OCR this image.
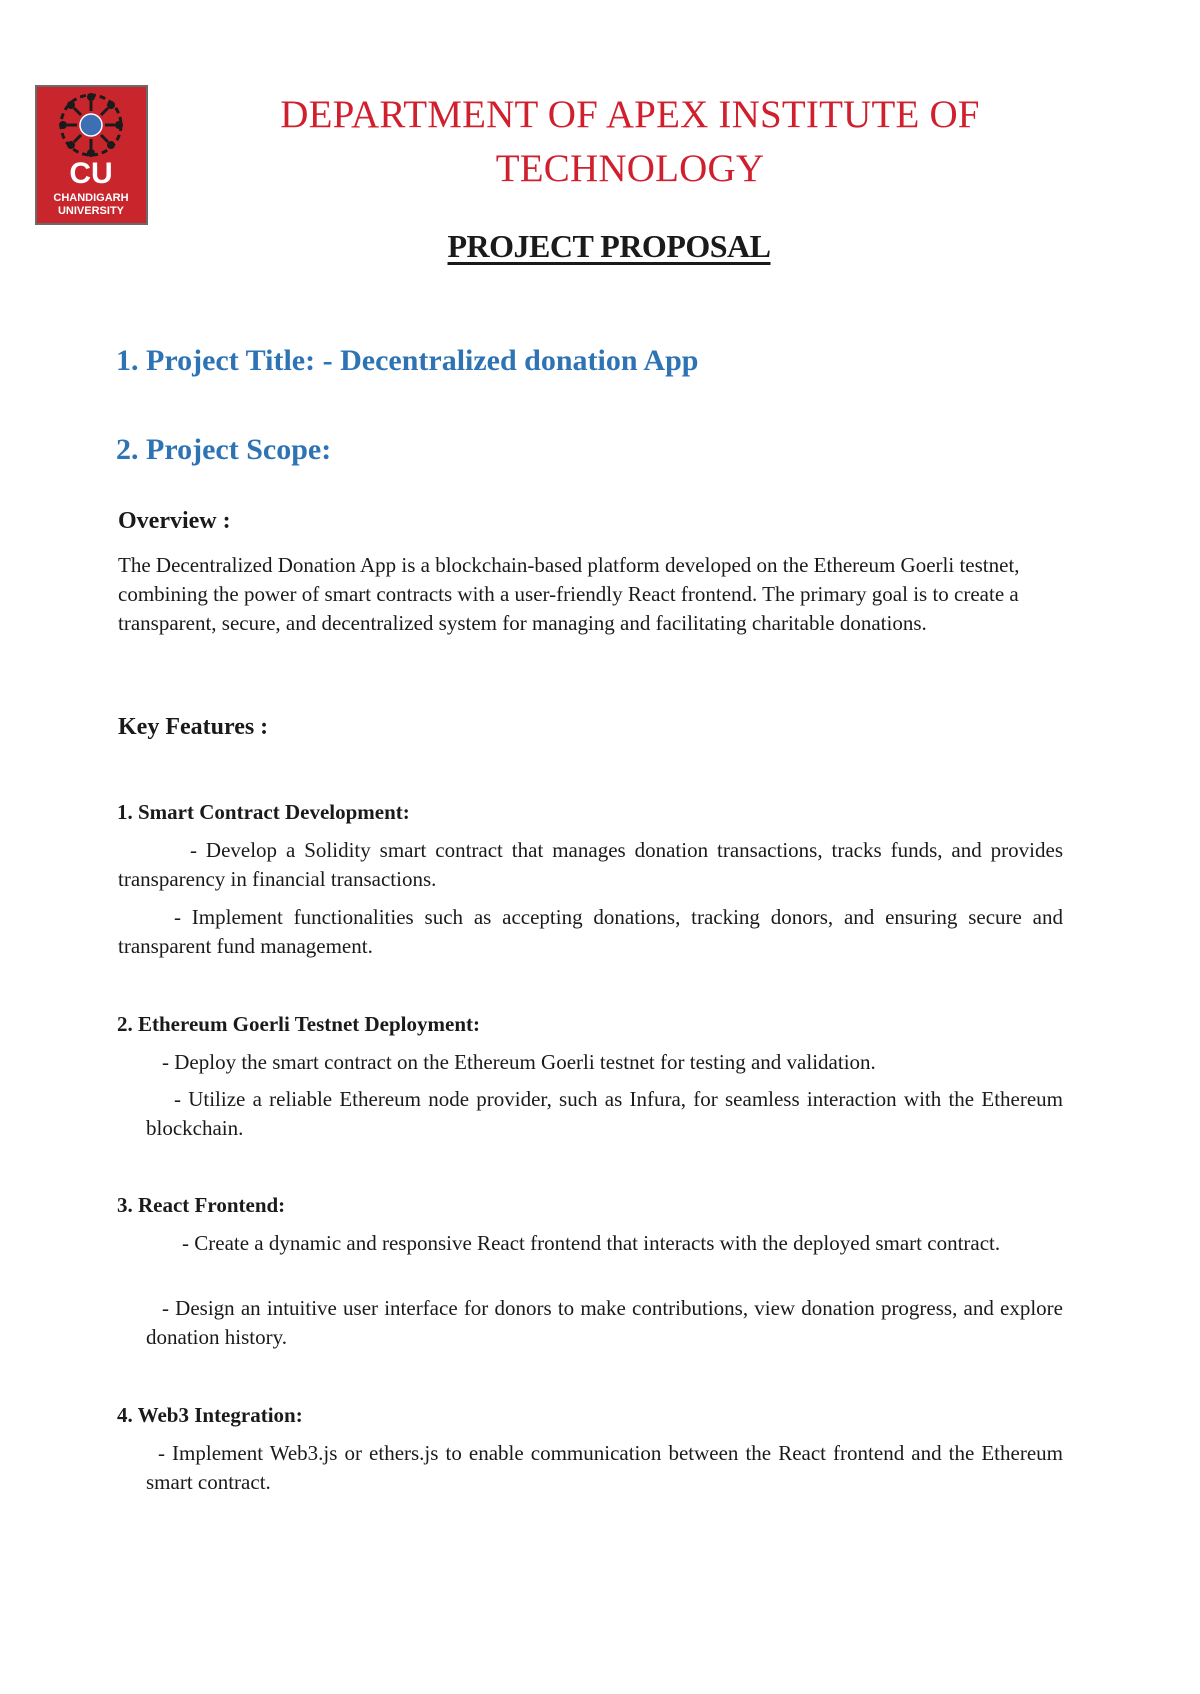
CU
CHANDIGARH
UNIVERSITY
DEPARTMENT OF APEX INSTITUTE OF
TECHNOLOGY
PROJECT PROPOSAL
1. Project Title: - Decentralized donation App
2. Project Scope:
Overview :
The Decentralized Donation App is a blockchain-based platform developed on the Ethereum Goerli testnet, combining the power of smart contracts with a user-friendly React frontend. The primary goal is to create a transparent, secure, and decentralized system for managing and facilitating charitable donations.
Key Features :
1. Smart Contract Development:
- Develop a Solidity smart contract that manages donation transactions, tracks funds, and provides transparency in financial transactions.
- Implement functionalities such as accepting donations, tracking donors, and ensuring secure and transparent fund management.
2. Ethereum Goerli Testnet Deployment:
- Deploy the smart contract on the Ethereum Goerli testnet for testing and validation.
- Utilize a reliable Ethereum node provider, such as Infura, for seamless interaction with the Ethereum blockchain.
3. React Frontend:
- Create a dynamic and responsive React frontend that interacts with the deployed smart contract.
- Design an intuitive user interface for donors to make contributions, view donation progress, and explore donation history.
4. Web3 Integration:
- Implement Web3.js or ethers.js to enable communication between the React frontend and the Ethereum smart contract.
